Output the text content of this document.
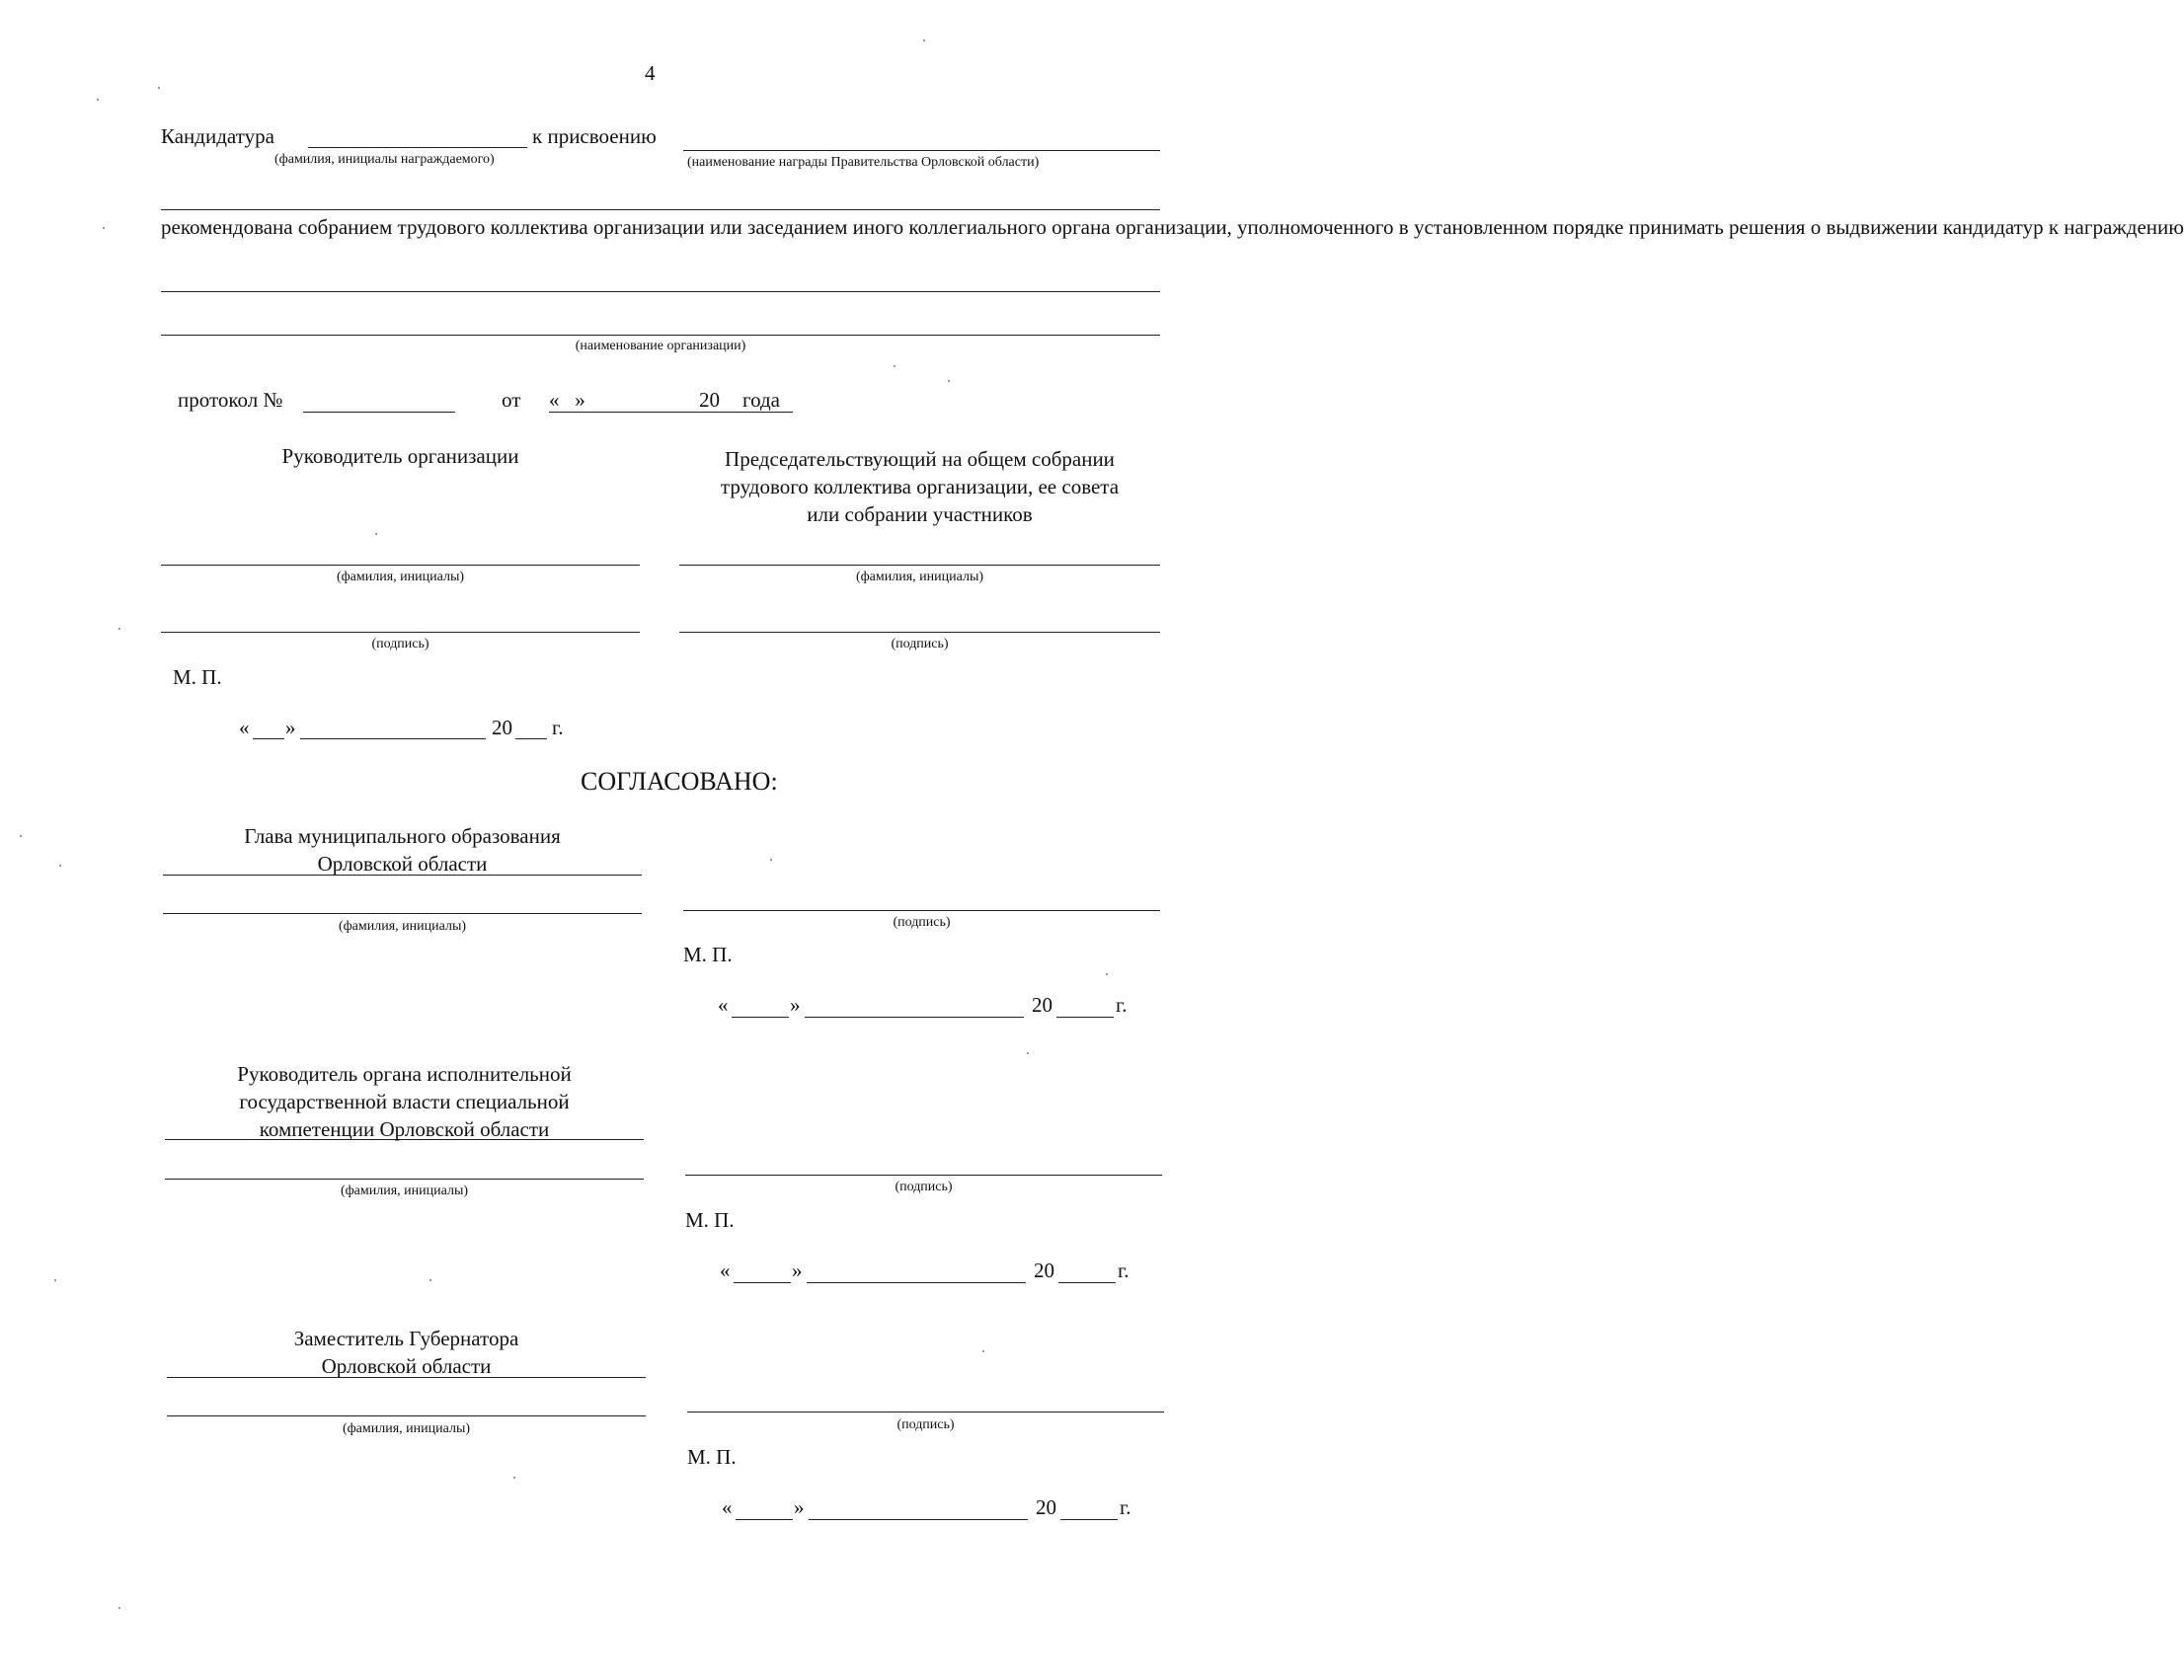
4
Кандидатура	к присвоению
(фамилия, инициалы награждаемого)	(наименование награды Правительства Орловской области)
рекомендована собранием трудового коллектива организации или заседанием иного коллегиального органа организации, уполномоченного в установленном порядке принимать решения о выдвижении кандидатур к награждению
(наименование организации)
протокол №	от «   »	20 года
Руководитель организации
(фамилия, инициалы)
(подпись)
Председательствующий на общем собрании
трудового коллектива организации, ее совета
или собрании участников
(фамилия, инициалы)
(подпись)
М. П.
« »	20 г.
СОГЛАСОВАНО:
Глава муниципального образования
Орловской области
(фамилия, инициалы)	(подпись)
М. П.
«	»	20	г.
Руководитель органа исполнительной
государственной власти специальной
компетенции Орловской области
(фамилия, инициалы)	(подпись)
М. П.
«	»	20	г.
Заместитель Губернатора
Орловской области
(фамилия, инициалы)	(подпись)
М. П.
«	»	20	г.
